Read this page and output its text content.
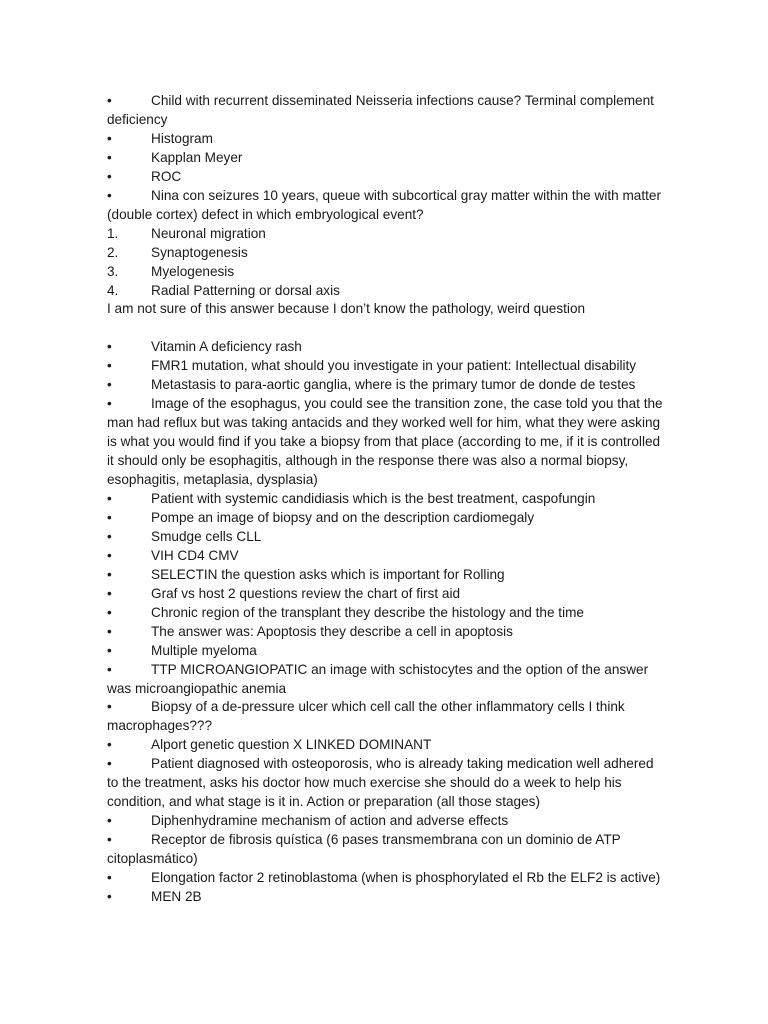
•	Child with recurrent disseminated Neisseria infections cause? Terminal complement deficiency
•	Histogram
•	Kapplan Meyer
•	ROC
•	Nina con seizures 10 years, queue with subcortical gray matter within the with matter (double cortex) defect in which embryological event?
1. Neuronal migration
2. Synaptogenesis
3. Myelogenesis
4. Radial Patterning or dorsal axis
I am not sure of this answer because I don’t know the pathology, weird question
•	Vitamin A deficiency rash
•	FMR1 mutation, what should you investigate in your patient: Intellectual disability
•	Metastasis to para-aortic ganglia, where is the primary tumor de donde de testes
•	Image of the esophagus, you could see the transition zone, the case told you that the man had reflux but was taking antacids and they worked well for him, what they were asking is what you would find if you take a biopsy from that place (according to me, if it is controlled it should only be esophagitis, although in the response there was also a normal biopsy, esophagitis, metaplasia, dysplasia)
•	Patient with systemic candidiasis which is the best treatment, caspofungin
•	Pompe an image of biopsy and on the description cardiomegaly
•	Smudge cells CLL
•	VIH CD4 CMV
•	SELECTIN the question asks which is important for Rolling
•	Graf vs host 2 questions review the chart of first aid
•	Chronic region of the transplant they describe the histology and the time
•	The answer was: Apoptosis they describe a cell in apoptosis
•	Multiple myeloma
•	TTP MICROANGIOPATIC an image with schistocytes and the option of the answer was microangiopathic anemia
•	Biopsy of a de-pressure ulcer which cell call the other inflammatory cells I think macrophages???
•	Alport genetic question X LINKED DOMINANT
•	Patient diagnosed with osteoporosis, who is already taking medication well adhered to the treatment, asks his doctor how much exercise she should do a week to help his condition, and what stage is it in. Action or preparation (all those stages)
•	Diphenhydramine mechanism of action and adverse effects
•	Receptor de fibrosis quística (6 pases transmembrana con un dominio de ATP citoplasmático)
•	Elongation factor 2 retinoblastoma (when is phosphorylated el Rb the ELF2 is active)
•	MEN 2B
